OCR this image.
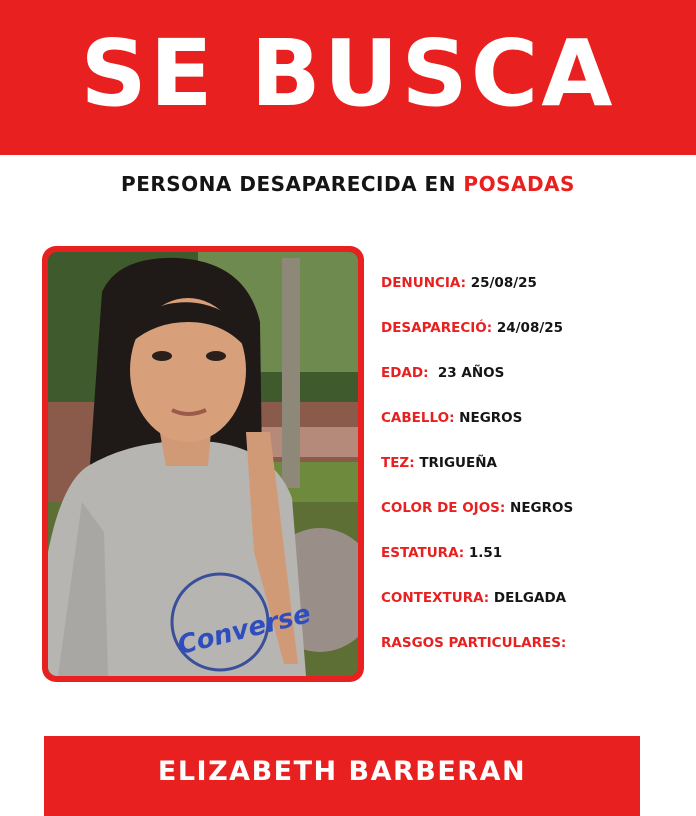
SE BUSCA
PERSONA DESAPARECIDA EN POSADAS
Converse
DENUNCIA: 25/08/25
DESAPARECIÓ: 24/08/25
EDAD:  23 AÑOS
CABELLO: NEGROS
TEZ: TRIGUEÑA
COLOR DE OJOS: NEGROS
ESTATURA: 1.51
CONTEXTURA: DELGADA
RASGOS PARTICULARES:
ELIZABETH BARBERAN
